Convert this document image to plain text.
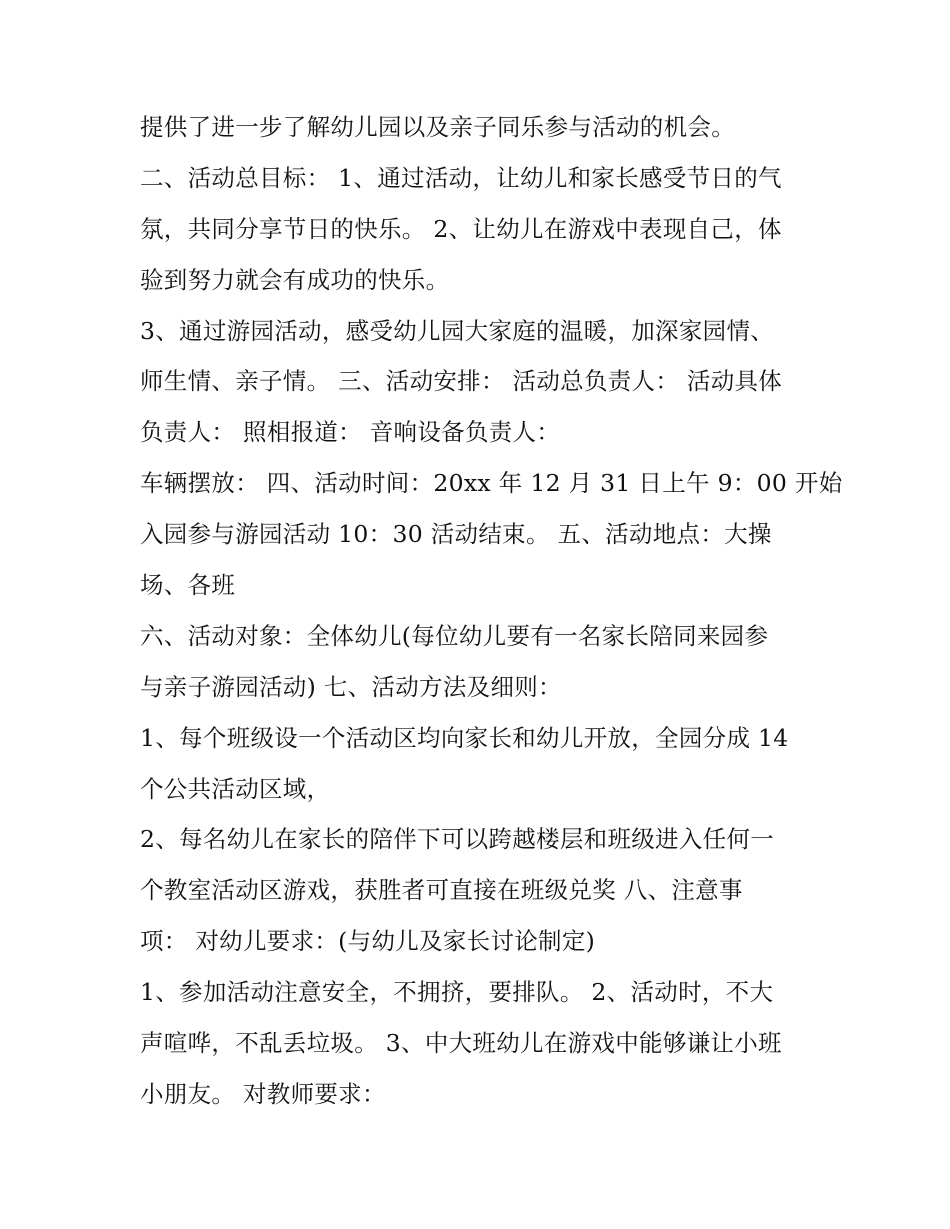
提供了进一步了解幼儿园以及亲子同乐参与活动的机会。
二、活动总目标： 1、通过活动，让幼儿和家长感受节日的气
氛，共同分享节日的快乐。 2、让幼儿在游戏中表现自己，体
验到努力就会有成功的快乐。
3、通过游园活动，感受幼儿园大家庭的温暖，加深家园情、
师生情、亲子情。 三、活动安排： 活动总负责人： 活动具体
负责人： 照相报道： 音响设备负责人：
车辆摆放： 四、活动时间：20xx 年 12 月 31 日上午 9：00 开始
入园参与游园活动 10：30 活动结束。 五、活动地点：大操
场、各班
六、活动对象：全体幼儿(每位幼儿要有一名家长陪同来园参
与亲子游园活动) 七、活动方法及细则：
1、每个班级设一个活动区均向家长和幼儿开放，全园分成 14
个公共活动区域，
2、每名幼儿在家长的陪伴下可以跨越楼层和班级进入任何一
个教室活动区游戏，获胜者可直接在班级兑奖 八、注意事
项： 对幼儿要求：(与幼儿及家长讨论制定)
1、参加活动注意安全，不拥挤，要排队。 2、活动时，不大
声喧哗，不乱丢垃圾。 3、中大班幼儿在游戏中能够谦让小班
小朋友。 对教师要求：
